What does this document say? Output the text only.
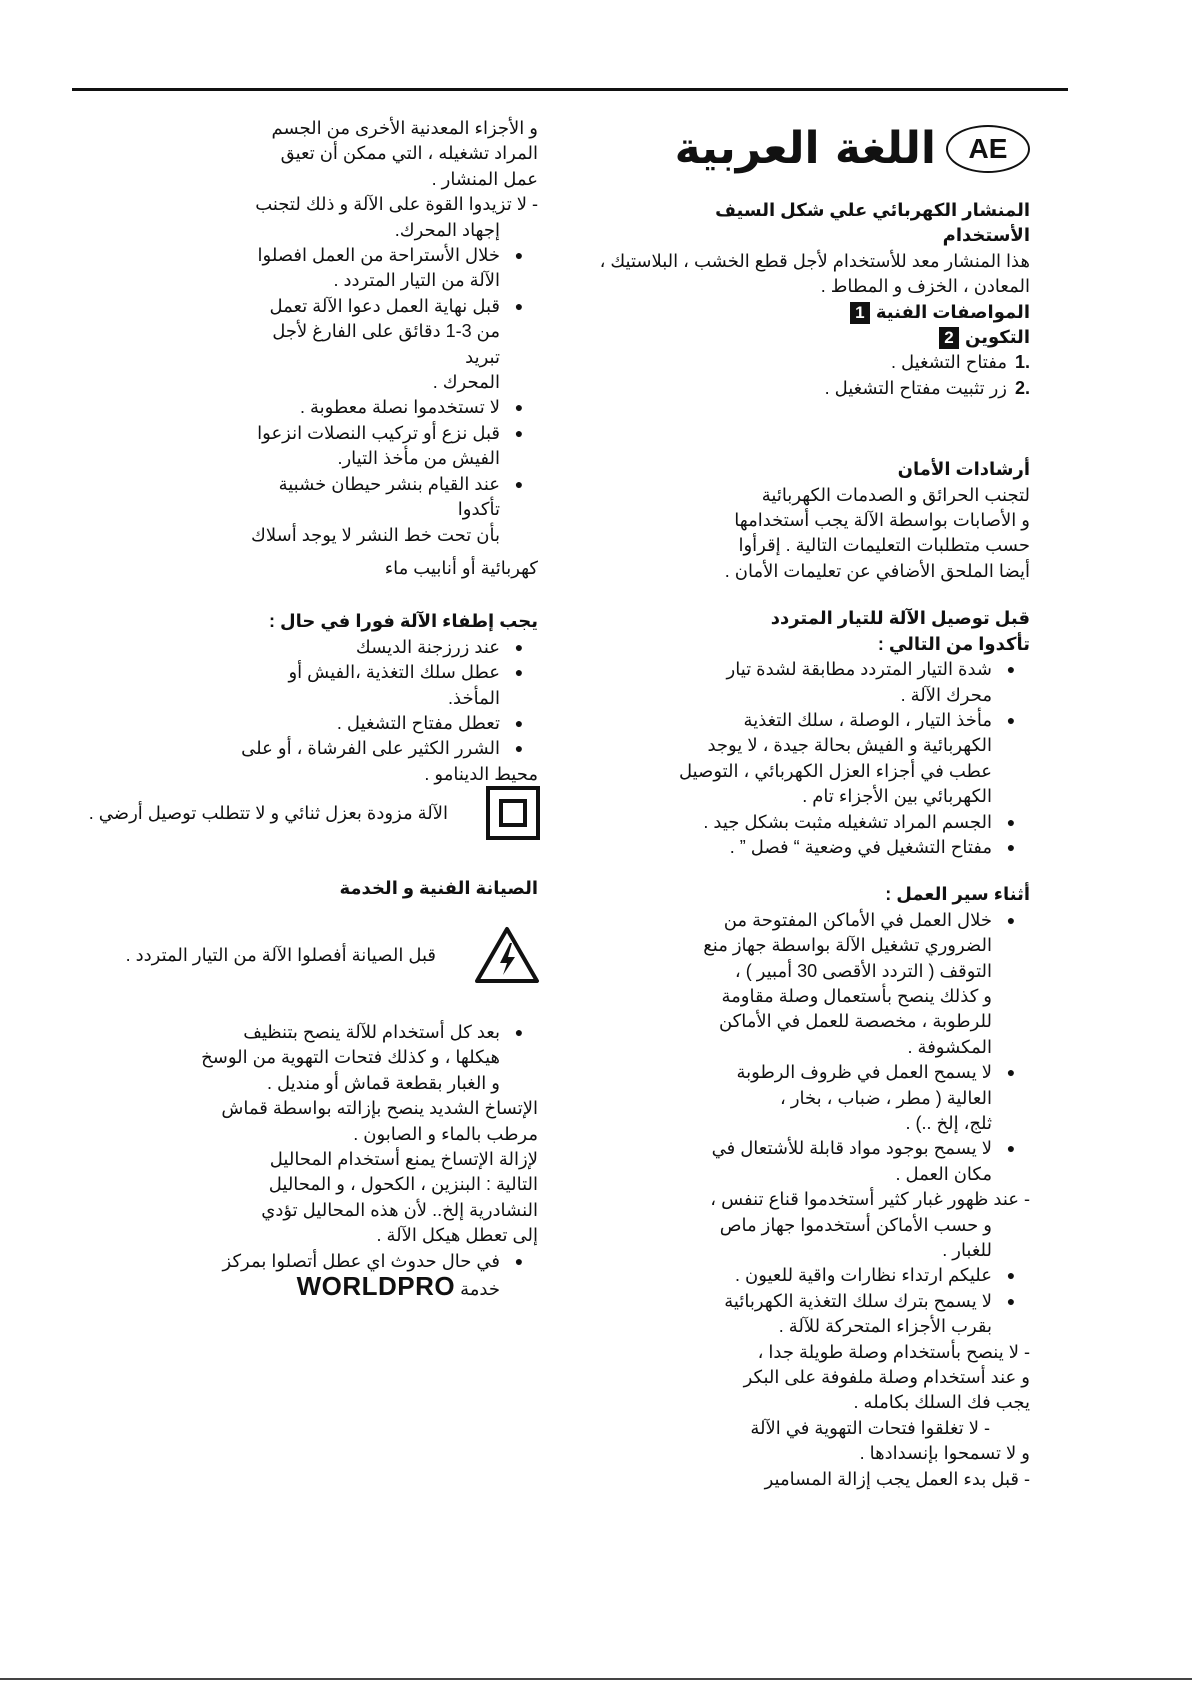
AE
اللغة العربية
المنشار الكهربائي علي شكل السيف
الأستخدام
هذا المنشار معد للأستخدام لأجل قطع الخشب ، البلاستيك ،
المعادن ، الخزف و المطاط .
المواصفات الفنية1
التكوين2
1.
مفتاح التشغيل .
2.
زر تثبيت مفتاح التشغيل .
أرشادات الأمان
لتجنب الحرائق و الصدمات الكهربائية
و الأصابات بواسطة الآلة يجب أستخدامها
حسب متطلبات التعليمات التالية . إقرأوا
أيضا الملحق الأضافي عن تعليمات الأمان .
قبل توصيل الآلة للتيار المتردد
تأكدوا من التالي :
●
شدة التيار المتردد مطابقة لشدة تيار
محرك الآلة .
●
مأخذ التيار ، الوصلة ، سلك التغذية
الكهربائية و الفيش بحالة جيدة ، لا يوجد
عطب في أجزاء العزل الكهربائي ، التوصيل
الكهربائي بين الأجزاء تام .
●
الجسم المراد تشغيله مثبت بشكل جيد .
●
مفتاح التشغيل في وضعية “ فصل ” .
أثناء سير العمل :
●
خلال العمل في الأماكن المفتوحة من
الضروري تشغيل الآلة بواسطة جهاز منع
التوقف ( التردد الأقصى 30 أمبير ) ،
و كذلك ينصح بأستعمال وصلة مقاومة
للرطوبة ، مخصصة للعمل في الأماكن
المكشوفة .
●
لا يسمح العمل في ظروف الرطوبة
العالية ( مطر ، ضباب ، بخار ،
ثلج، إلخ ..) .
●
لا يسمح بوجود مواد قابلة للأشتعال في
مكان العمل .
- عند ظهور غبار كثير أستخدموا قناع تنفس ،
و حسب الأماكن أستخدموا جهاز ماص
للغبار .
●
عليكم ارتداء نظارات واقية للعيون .
●
لا يسمح بترك سلك التغذية الكهربائية
بقرب الأجزاء المتحركة للآلة .
- لا ينصح بأستخدام وصلة طويلة جدا ،
و عند أستخدام وصلة ملفوفة على البكر
يجب فك السلك بكامله .
- لا تغلقوا فتحات التهوية في الآلة
و لا تسمحوا بإنسدادها .
- قبل بدء العمل يجب إزالة المسامير
و الأجزاء المعدنية الأخرى من الجسم
المراد تشغيله ، التي ممكن أن تعيق
عمل المنشار .
- لا تزيدوا القوة على الآلة و ذلك لتجنب
إجهاد المحرك.
●
خلال الأستراحة من العمل افصلوا
الآلة من التيار المتردد .
●
قبل نهاية العمل دعوا الآلة تعمل
من 3-1 دقائق على الفارغ لأجل تبريد
المحرك .
●
لا تستخدموا نصلة معطوبة .
●
قبل نزع أو تركيب النصلات انزعوا
الفيش من مأخذ التيار.
●
عند القيام بنشر حيطان خشبية تأكدوا
بأن تحت خط النشر لا يوجد أسلاك
كهربائية أو أنابيب ماء
يجب إطفاء الآلة فورا في حال :
●
عند زرزجنة الديسك
●
عطل سلك التغذية ،الفيش أو المأخذ.
●
تعطل مفتاح التشغيل .
●
الشرر الكثير على الفرشاة ، أو على
محيط الدينامو .
الآلة مزودة بعزل ثنائي و لا تتطلب توصيل أرضي .
الصيانة الفنية و الخدمة
قبل الصيانة أفصلوا الآلة من التيار المتردد .
●
بعد كل أستخدام للآلة ينصح بتنظيف
هيكلها ، و كذلك فتحات التهوية من الوسخ
و الغبار بقطعة قماش أو منديل .
الإتساخ الشديد ينصح بإزالته بواسطة قماش
مرطب بالماء و الصابون .
لإزالة الإتساخ يمنع أستخدام المحاليل
التالية : البنزين ، الكحول ، و المحاليل
النشادرية إلخ.. لأن هذه المحاليل تؤدي
إلى تعطل هيكل الآلة .
●
في حال حدوث اي عطل أتصلوا بمركز
خدمة WORLDPRO
